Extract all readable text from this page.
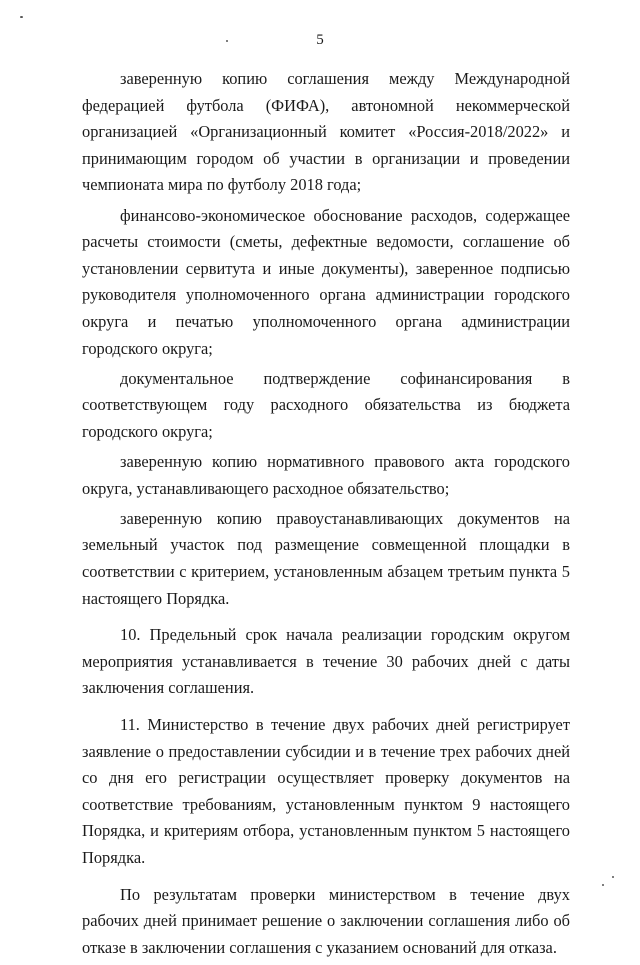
5

заверенную копию соглашения между Международной федерацией футбола (ФИФА), автономной некоммерческой организацией «Организационный комитет «Россия-2018/2022» и принимающим городом об участии в организации и проведении чемпионата мира по футболу 2018 года;

финансово-экономическое обоснование расходов, содержащее расчеты стоимости (сметы, дефектные ведомости, соглашение об установлении сервитута и иные документы), заверенное подписью руководителя уполномоченного органа администрации городского округа и печатью уполномоченного органа администрации городского округа;

документальное подтверждение софинансирования в соответствующем году расходного обязательства из бюджета городского округа;

заверенную копию нормативного правового акта городского округа, устанавливающего расходное обязательство;

заверенную копию правоустанавливающих документов на земельный участок под размещение совмещенной площадки в соответствии с критерием, установленным абзацем третьим пункта 5 настоящего Порядка.

10. Предельный срок начала реализации городским округом мероприятия устанавливается в течение 30 рабочих дней с даты заключения соглашения.

11. Министерство в течение двух рабочих дней регистрирует заявление о предоставлении субсидии и в течение трех рабочих дней со дня его регистрации осуществляет проверку документов на соответствие требованиям, установленным пунктом 9 настоящего Порядка, и критериям отбора, установленным пунктом 5 настоящего Порядка.

По результатам проверки министерством в течение двух рабочих дней принимает решение о заключении соглашения либо об отказе в заключении соглашения с указанием оснований для отказа.
